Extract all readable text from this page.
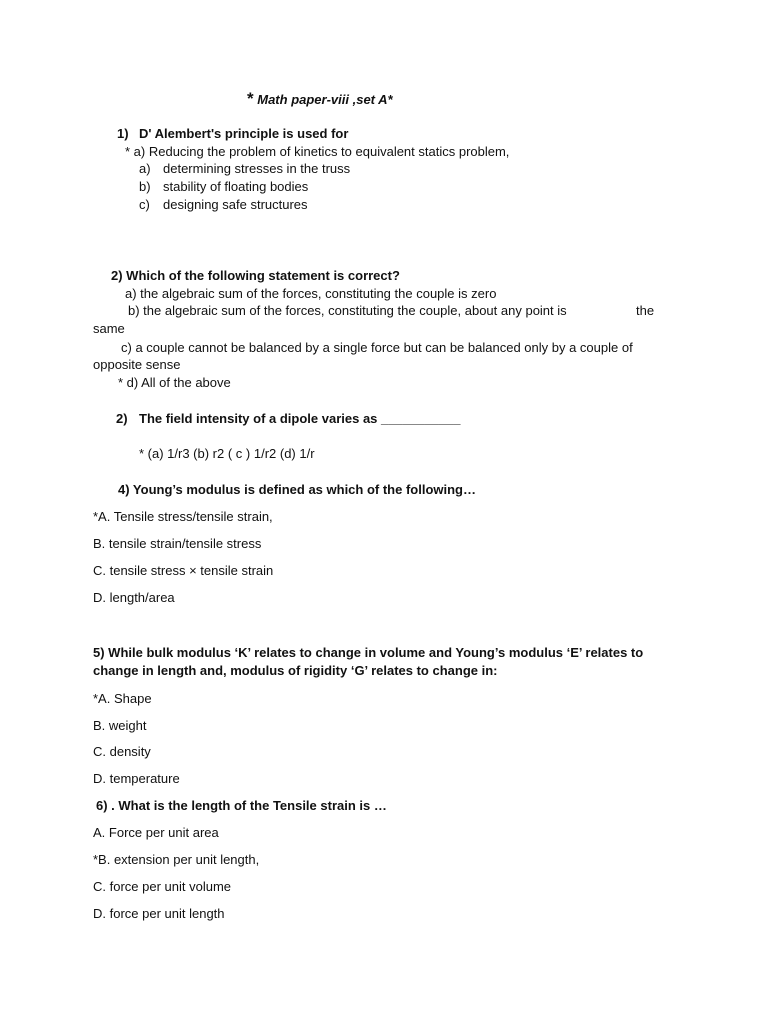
* Math paper-viii ,set A*
1) D' Alembert's principle is used for
* a) Reducing the problem of kinetics to equivalent statics problem,
a) determining stresses in the truss
b) stability of floating bodies
c) designing safe structures
2) Which of the following statement is correct?
a) the algebraic sum of the forces, constituting the couple is zero
b) the algebraic sum of the forces, constituting the couple, about any point is	the
same
c) a couple cannot be balanced by a single force but can be balanced only by a couple of
opposite sense
* d) All of the above
2) The field intensity of a dipole varies as ___________
* (a) 1/r3 (b) r2 ( c ) 1/r2 (d) 1/r
4) Young’s modulus is defined as which of the following…
*A. Tensile stress/tensile strain,
B. tensile strain/tensile stress
C. tensile stress × tensile strain
D. length/area
5) While bulk modulus ‘K’ relates to change in volume and Young’s modulus ‘E’ relates to
change in length and, modulus of rigidity ‘G’ relates to change in:
*A. Shape
B. weight
C. density
D. temperature
6) . What is the length of the Tensile strain is …
A. Force per unit area
*B. extension per unit length,
C. force per unit volume
D. force per unit length
